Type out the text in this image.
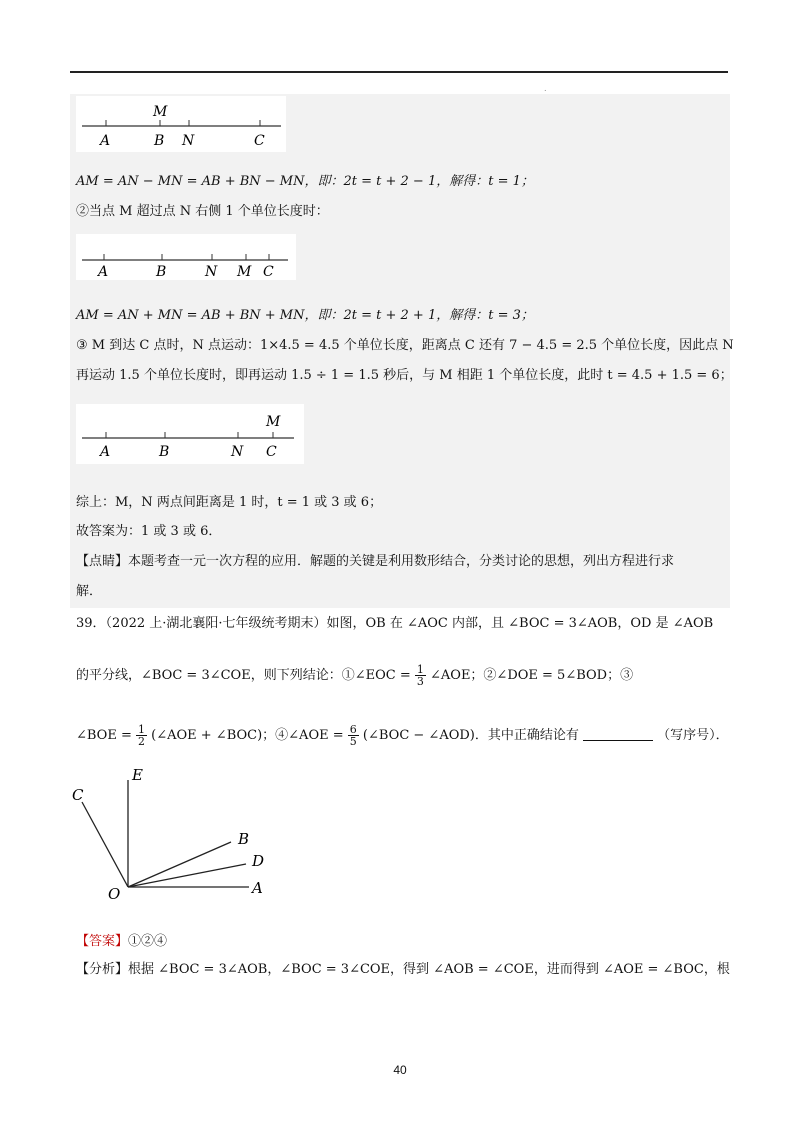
.
M
A	B N	C
AM = AN − MN = AB + BN − MN，即：2t = t + 2 − 1，解得：t = 1；
②当点 M 超过点 N 右侧 1 个单位长度时：
A	B	N M C
AM = AN + MN = AB + BN + MN，即：2t = t + 2 + 1，解得：t = 3；
③ M 到达 C 点时，N 点运动：1×4.5 = 4.5 个单位长度，距离点 C 还有 7 − 4.5 = 2.5 个单位长度，因此点 N
再运动 1.5 个单位长度时，即再运动 1.5 ÷ 1 = 1.5 秒后，与 M 相距 1 个单位长度，此时 t = 4.5 + 1.5 = 6；
M
A	B	N C
综上：M，N 两点间距离是 1 时，t = 1 或 3 或 6；
故答案为：1 或 3 或 6．
【点睛】本题考查一元一次方程的应用．解题的关键是利用数形结合，分类讨论的思想，列出方程进行求
解．
39．（2022 上·湖北襄阳·七年级统考期末）如图，OB 在 ∠AOC 内部，且 ∠BOC = 3∠AOB，OD 是 ∠AOB
的平分线，∠BOC = 3∠COE，则下列结论：①∠EOC = $\frac{1}{3}$ ∠AOE；②∠DOE = 5∠BOD；③
∠BOE = $\frac{1}{2}$ (∠AOE + ∠BOC)；④∠AOE = $\frac{6}{5}$ (∠BOC − ∠AOD)．其中正确结论有	（写序号）．
C
E
B
D
O	A
【答案】①②④
【分析】根据 ∠BOC = 3∠AOB，∠BOC = 3∠COE，得到 ∠AOB = ∠COE，进而得到 ∠AOE = ∠BOC，根
40
